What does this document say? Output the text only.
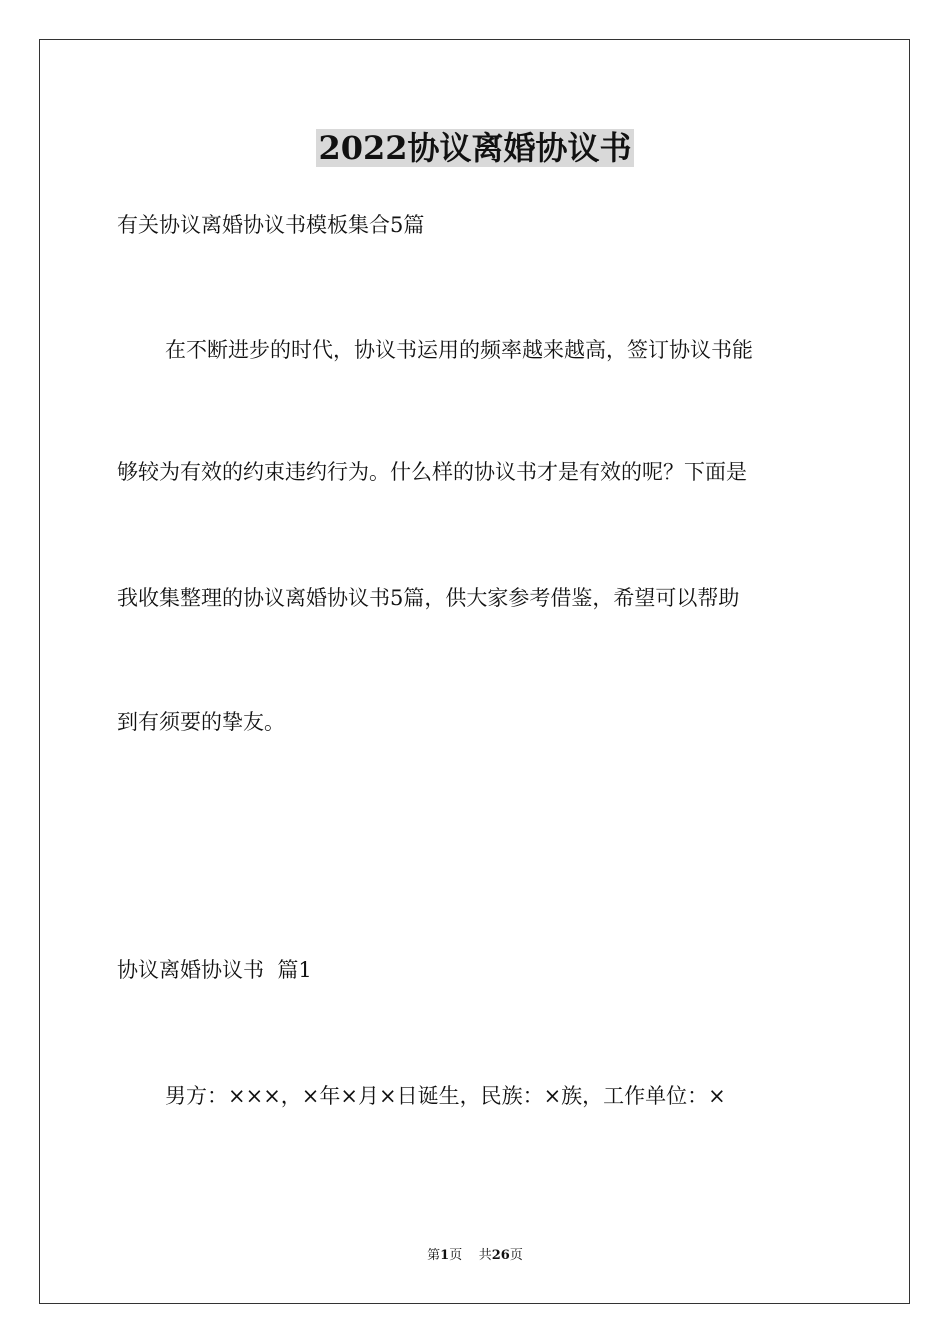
2022协议离婚协议书
有关协议离婚协议书模板集合5篇
在不断进步的时代，协议书运用的频率越来越高，签订协议书能
够较为有效的约束违约行为。什么样的协议书才是有效的呢？下面是
我收集整理的协议离婚协议书5篇，供大家参考借鉴，希望可以帮助
到有须要的挚友。
协议离婚协议书  篇1
男方：×××，×年×月×日诞生，民族：×族，工作单位：×
第1页 共26页
